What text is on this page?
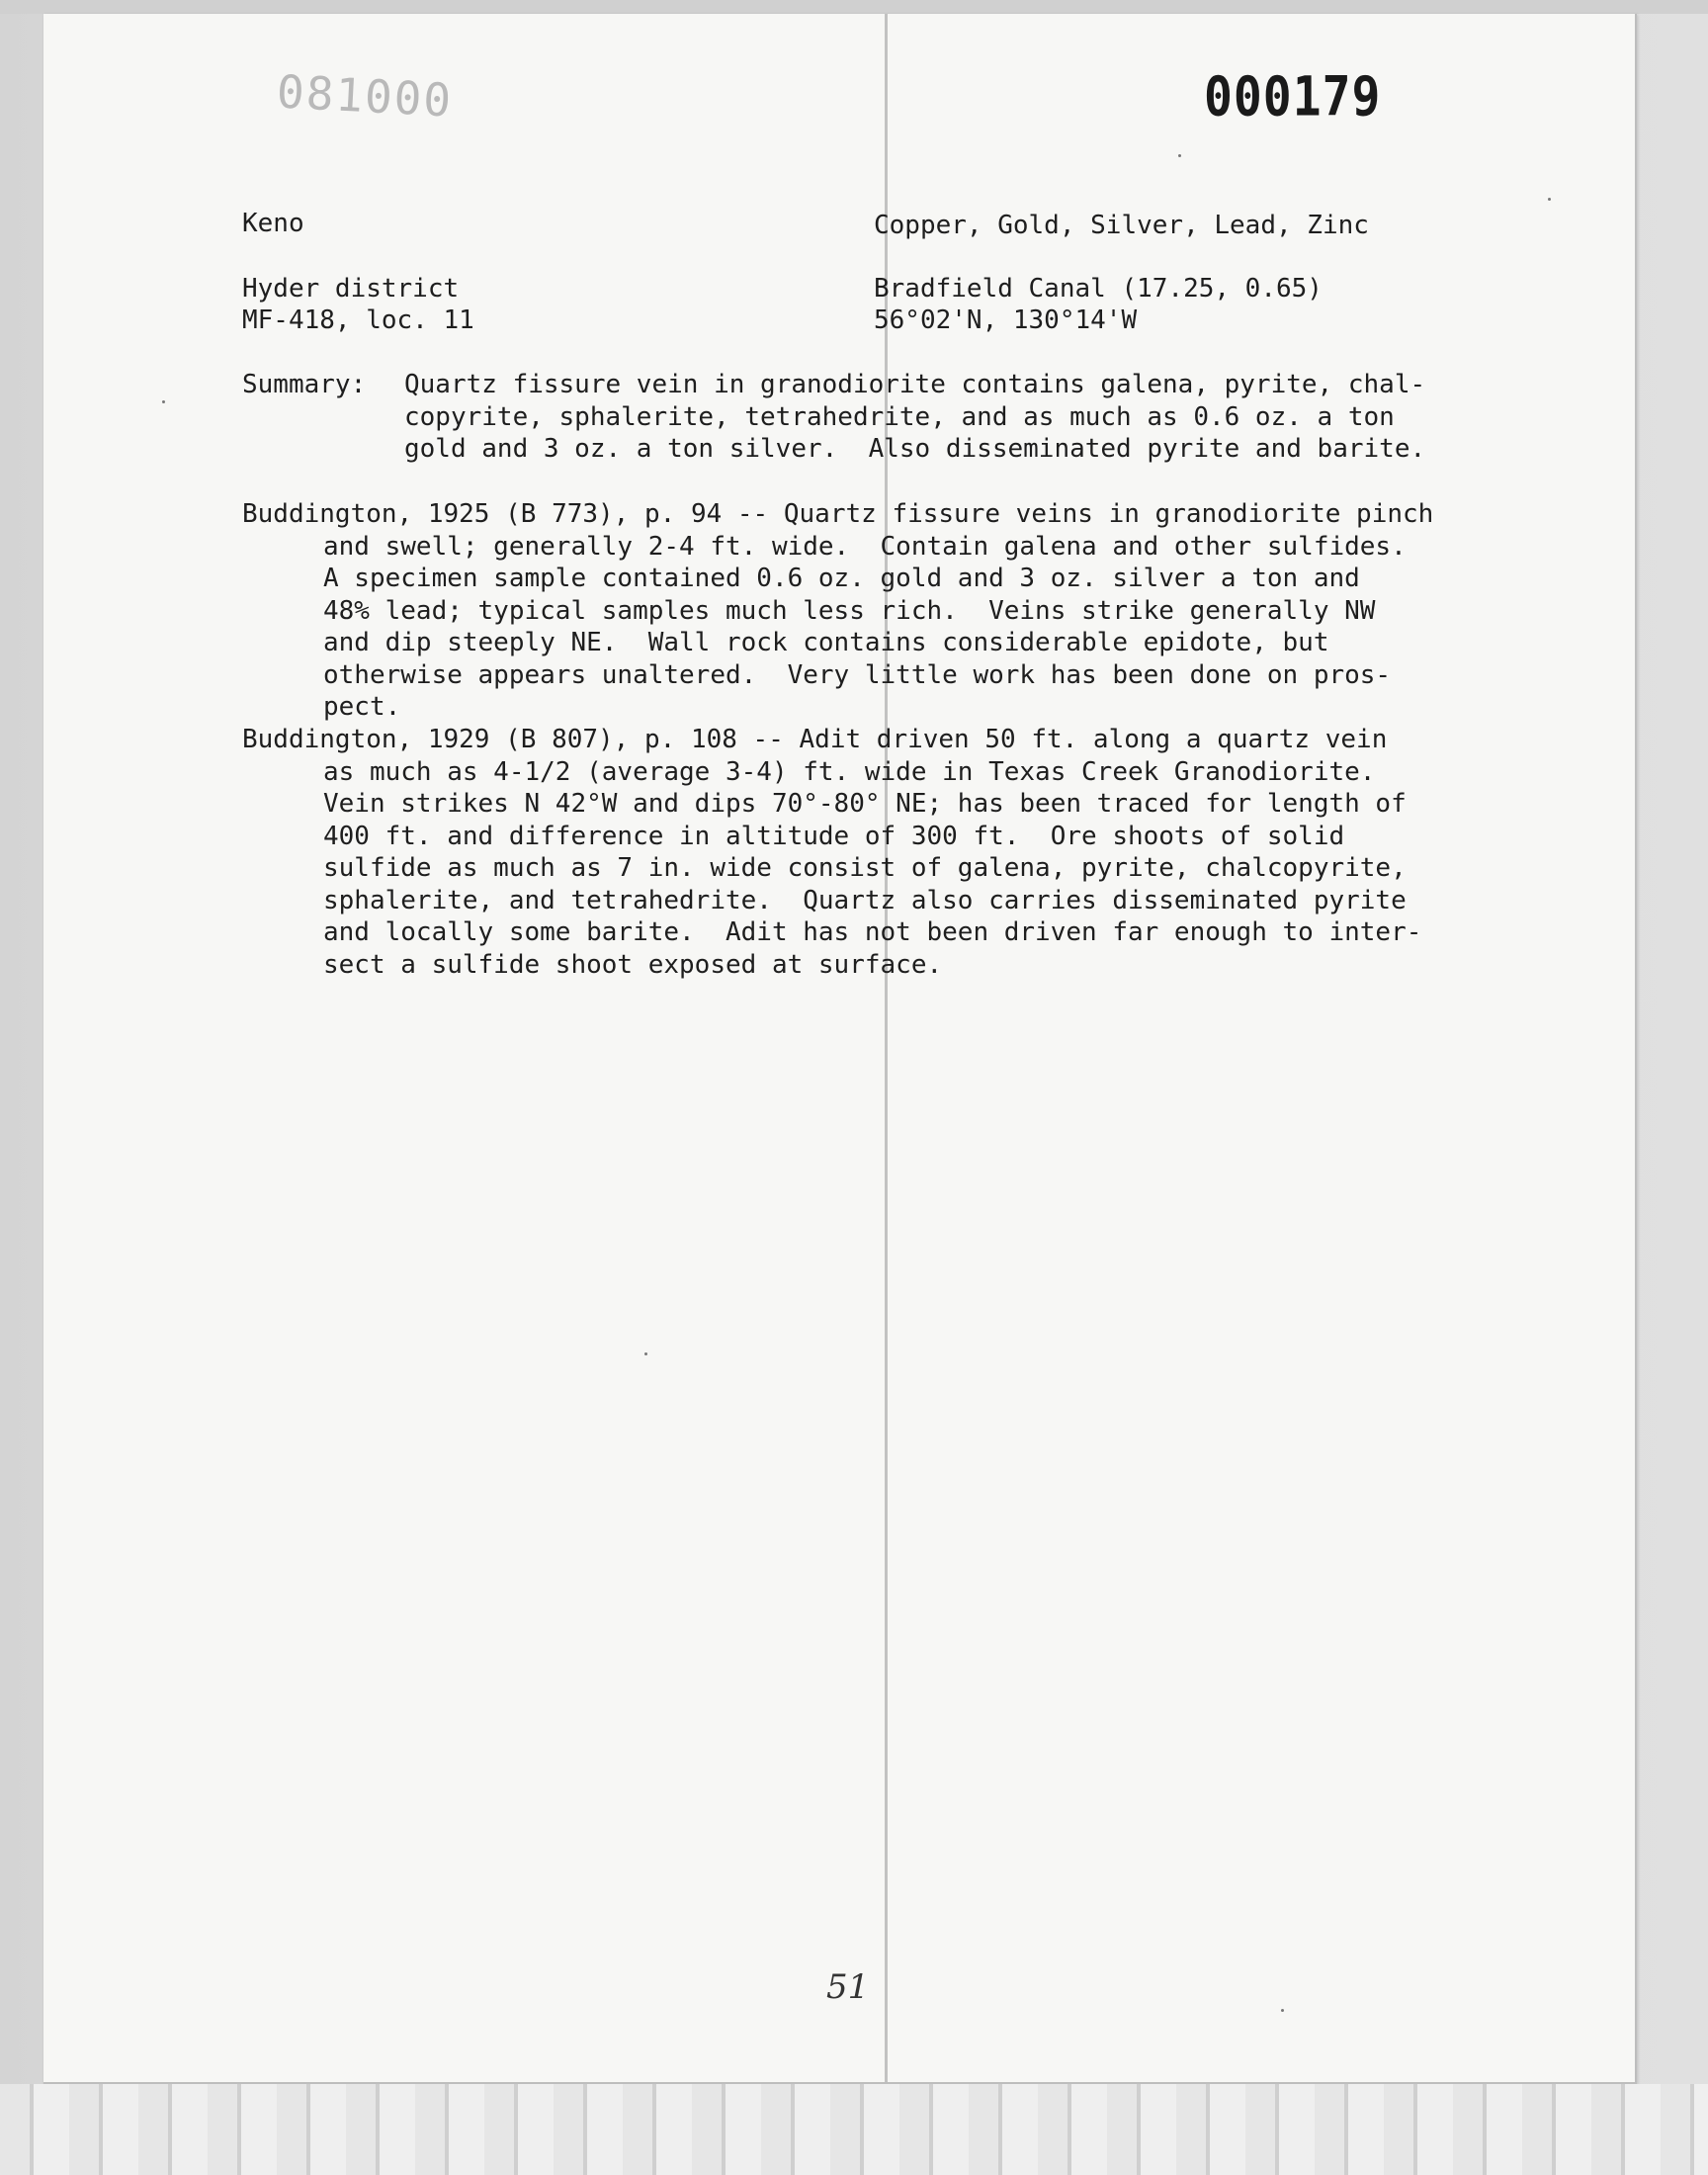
081000	000179
Keno	Copper, Gold, Silver, Lead, Zinc
Hyder district	Bradfield Canal (17.25, 0.65)
MF-418, loc. 11	56°02'N, 130°14'W
Summary: Quartz fissure vein in granodiorite contains galena, pyrite, chal-
copyrite, sphalerite, tetrahedrite, and as much as 0.6 oz. a ton
gold and 3 oz. a ton silver.  Also disseminated pyrite and barite.
Buddington, 1925 (B 773), p. 94 -- Quartz fissure veins in granodiorite pinch
and swell; generally 2-4 ft. wide.  Contain galena and other sulfides.
A specimen sample contained 0.6 oz. gold and 3 oz. silver a ton and
48% lead; typical samples much less rich.  Veins strike generally NW
and dip steeply NE.  Wall rock contains considerable epidote, but
otherwise appears unaltered.  Very little work has been done on pros-
pect.
Buddington, 1929 (B 807), p. 108 -- Adit driven 50 ft. along a quartz vein
as much as 4-1/2 (average 3-4) ft. wide in Texas Creek Granodiorite.
Vein strikes N 42°W and dips 70°-80° NE; has been traced for length of
400 ft. and difference in altitude of 300 ft.  Ore shoots of solid
sulfide as much as 7 in. wide consist of galena, pyrite, chalcopyrite,
sphalerite, and tetrahedrite.  Quartz also carries disseminated pyrite
and locally some barite.  Adit has not been driven far enough to inter-
sect a sulfide shoot exposed at surface.
51
